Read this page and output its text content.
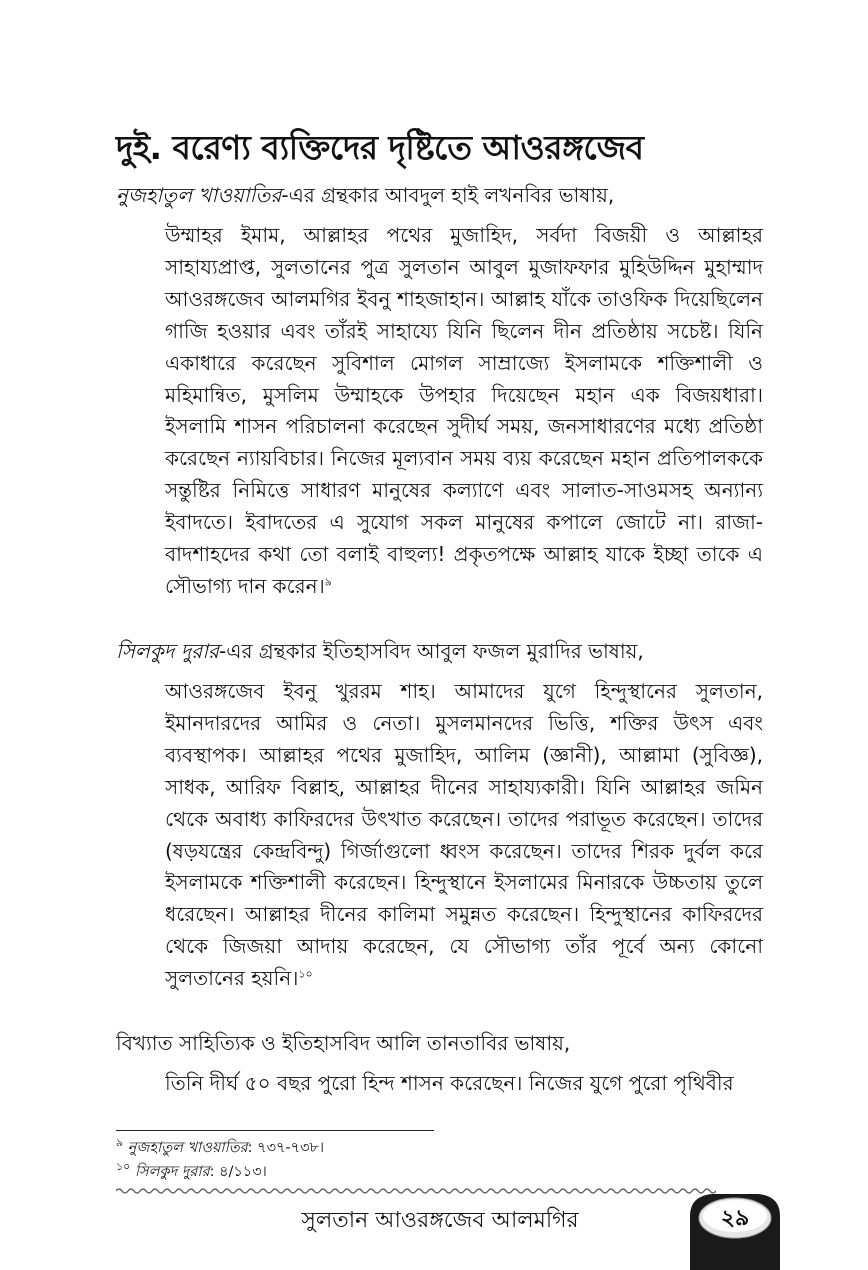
দুই. বরেণ্য ব্যক্তিদের দৃষ্টিতে আওরঙ্গজেব
নুজহাতুল খাওয়াতির-এর গ্রন্থকার আবদুল হাই লখনবির ভাষায়,
উম্মাহর ইমাম, আল্লাহর পথের মুজাহিদ, সর্বদা বিজয়ী ও আল্লাহর সাহায্যপ্রাপ্ত, সুলতানের পুত্র সুলতান আবুল মুজাফফার মুহিউদ্দিন মুহাম্মাদ আওরঙ্গজেব আলমগির ইবনু শাহজাহান। আল্লাহ যাঁকে তাওফিক দিয়েছিলেন গাজি হওয়ার এবং তাঁরই সাহায্যে যিনি ছিলেন দীন প্রতিষ্ঠায় সচেষ্ট। যিনি একাধারে করেছেন সুবিশাল মোগল সাম্রাজ্যে ইসলামকে শক্তিশালী ও মহিমান্বিত, মুসলিম উম্মাহকে উপহার দিয়েছেন মহান এক বিজয়ধারা। ইসলামি শাসন পরিচালনা করেছেন সুদীর্ঘ সময়, জনসাধারণের মধ্যে প্রতিষ্ঠা করেছেন ন্যায়বিচার। নিজের মূল্যবান সময় ব্যয় করেছেন মহান প্রতিপালককে সন্তুষ্টির নিমিত্তে সাধারণ মানুষের কল্যাণে এবং সালাত-সাওমসহ অন্যান্য ইবাদতে। ইবাদতের এ সুযোগ সকল মানুষের কপালে জোটে না। রাজা-বাদশাহদের কথা তো বলাই বাহুল্য! প্রকৃতপক্ষে আল্লাহ যাকে ইচ্ছা তাকে এ সৌভাগ্য দান করেন।$^৯$
সিলকুদ দুরার-এর গ্রন্থকার ইতিহাসবিদ আবুল ফজল মুরাদির ভাষায়,
আওরঙ্গজেব ইবনু খুররম শাহ। আমাদের যুগে হিন্দুস্থানের সুলতান, ইমানদারদের আমির ও নেতা। মুসলমানদের ভিত্তি, শক্তির উৎস এবং ব্যবস্থাপক। আল্লাহর পথের মুজাহিদ, আলিম (জ্ঞানী), আল্লামা (সুবিজ্ঞ), সাধক, আরিফ বিল্লাহ, আল্লাহর দীনের সাহায্যকারী। যিনি আল্লাহর জমিন থেকে অবাধ্য কাফিরদের উৎখাত করেছেন। তাদের পরাভূত করেছেন। তাদের (ষড়যন্ত্রের কেন্দ্রবিন্দু) গির্জাগুলো ধ্বংস করেছেন। তাদের শিরক দুর্বল করে ইসলামকে শক্তিশালী করেছেন। হিন্দুস্থানে ইসলামের মিনারকে উচ্চতায় তুলে ধরেছেন। আল্লাহর দীনের কালিমা সমুন্নত করেছেন। হিন্দুস্থানের কাফিরদের থেকে জিজয়া আদায় করেছেন, যে সৌভাগ্য তাঁর পূর্বে অন্য কোনো সুলতানের হয়নি।$^{১০}$
বিখ্যাত সাহিত্যিক ও ইতিহাসবিদ আলি তানতাবির ভাষায়,
তিনি দীর্ঘ ৫০ বছর পুরো হিন্দ শাসন করেছেন। নিজের যুগে পুরো পৃথিবীর
$^৯$ নুজহাতুল খাওয়াতির: ৭৩৭-৭৩৮।
$^{১০}$ সিলকুদ দুরার: ৪/১১৩।
সুলতান আওরঙ্গজেব আলমগির	২৯
